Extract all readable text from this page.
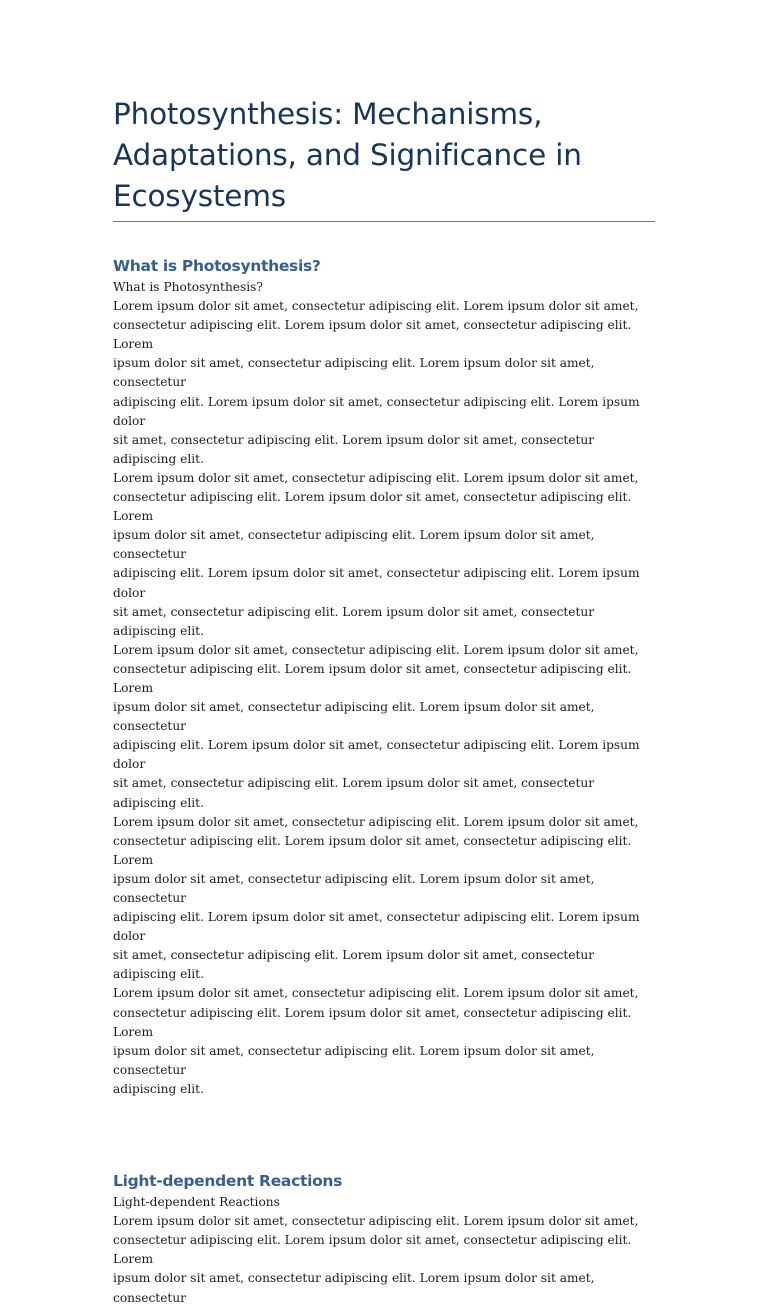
Photosynthesis: Mechanisms, Adaptations, and Significance in Ecosystems
What is Photosynthesis?

What is Photosynthesis?

Lorem ipsum dolor sit amet, consectetur adipiscing elit. Lorem ipsum dolor sit amet,
consectetur adipiscing elit. Lorem ipsum dolor sit amet, consectetur adipiscing elit. Lorem
ipsum dolor sit amet, consectetur adipiscing elit. Lorem ipsum dolor sit amet, consectetur
adipiscing elit. Lorem ipsum dolor sit amet, consectetur adipiscing elit. Lorem ipsum dolor
sit amet, consectetur adipiscing elit. Lorem ipsum dolor sit amet, consectetur adipiscing elit.
Lorem ipsum dolor sit amet, consectetur adipiscing elit. Lorem ipsum dolor sit amet,
consectetur adipiscing elit. Lorem ipsum dolor sit amet, consectetur adipiscing elit. Lorem
ipsum dolor sit amet, consectetur adipiscing elit. Lorem ipsum dolor sit amet, consectetur
adipiscing elit. Lorem ipsum dolor sit amet, consectetur adipiscing elit. Lorem ipsum dolor
sit amet, consectetur adipiscing elit. Lorem ipsum dolor sit amet, consectetur adipiscing elit.
Lorem ipsum dolor sit amet, consectetur adipiscing elit. Lorem ipsum dolor sit amet,
consectetur adipiscing elit. Lorem ipsum dolor sit amet, consectetur adipiscing elit. Lorem
ipsum dolor sit amet, consectetur adipiscing elit. Lorem ipsum dolor sit amet, consectetur
adipiscing elit. Lorem ipsum dolor sit amet, consectetur adipiscing elit. Lorem ipsum dolor
sit amet, consectetur adipiscing elit. Lorem ipsum dolor sit amet, consectetur adipiscing elit.
Lorem ipsum dolor sit amet, consectetur adipiscing elit. Lorem ipsum dolor sit amet,
consectetur adipiscing elit. Lorem ipsum dolor sit amet, consectetur adipiscing elit. Lorem
ipsum dolor sit amet, consectetur adipiscing elit. Lorem ipsum dolor sit amet, consectetur
adipiscing elit. Lorem ipsum dolor sit amet, consectetur adipiscing elit. Lorem ipsum dolor
sit amet, consectetur adipiscing elit. Lorem ipsum dolor sit amet, consectetur adipiscing elit.
Lorem ipsum dolor sit amet, consectetur adipiscing elit. Lorem ipsum dolor sit amet,
consectetur adipiscing elit. Lorem ipsum dolor sit amet, consectetur adipiscing elit. Lorem
ipsum dolor sit amet, consectetur adipiscing elit. Lorem ipsum dolor sit amet, consectetur
adipiscing elit.
Light-dependent Reactions

Light-dependent Reactions

Lorem ipsum dolor sit amet, consectetur adipiscing elit. Lorem ipsum dolor sit amet,
consectetur adipiscing elit. Lorem ipsum dolor sit amet, consectetur adipiscing elit. Lorem
ipsum dolor sit amet, consectetur adipiscing elit. Lorem ipsum dolor sit amet, consectetur
